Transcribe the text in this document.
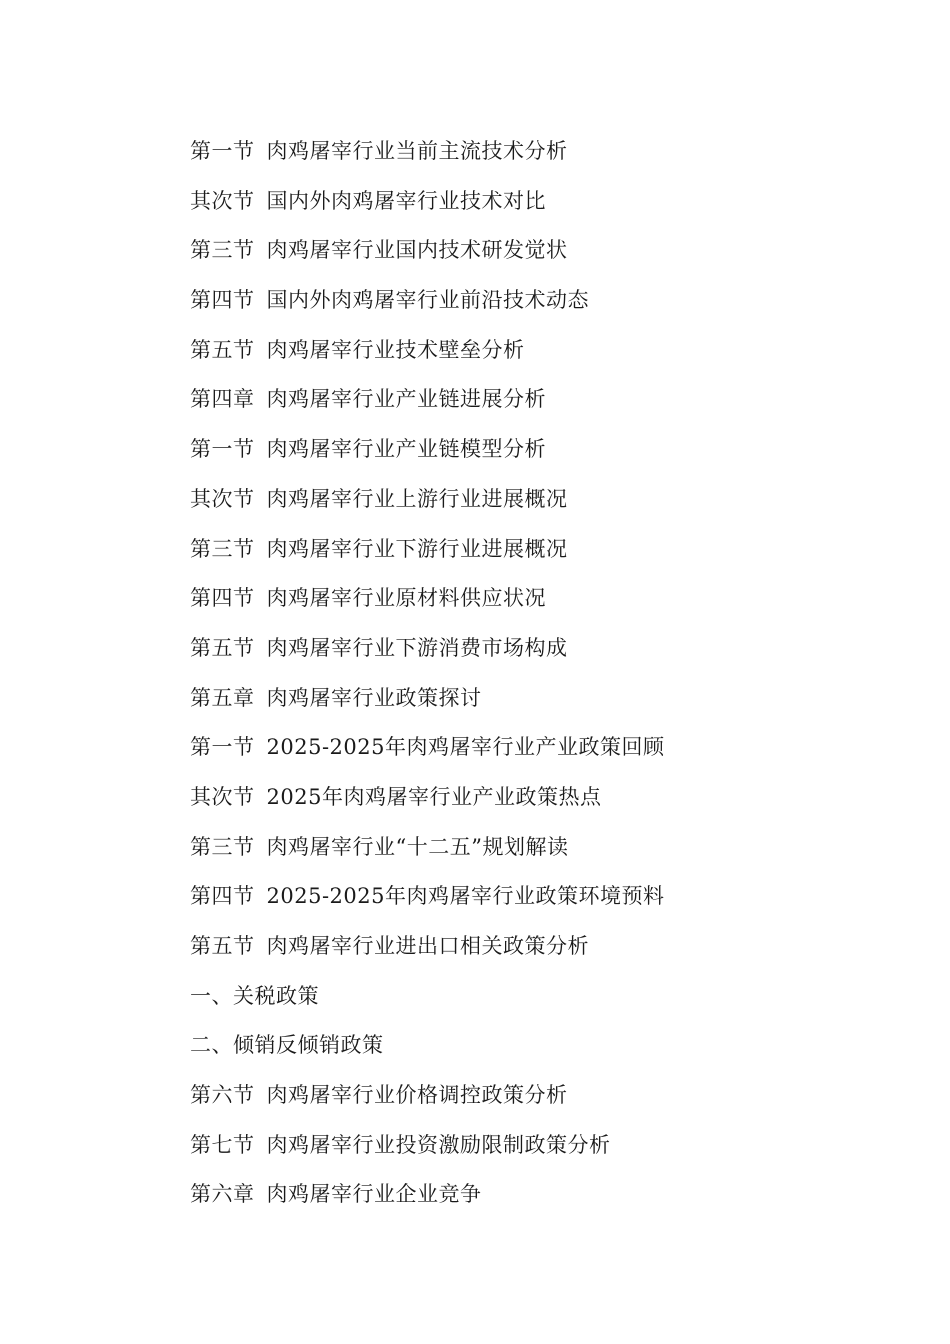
第一节 肉鸡屠宰行业当前主流技术分析
其次节 国内外肉鸡屠宰行业技术对比
第三节 肉鸡屠宰行业国内技术研发觉状
第四节 国内外肉鸡屠宰行业前沿技术动态
第五节 肉鸡屠宰行业技术壁垒分析
第四章 肉鸡屠宰行业产业链进展分析
第一节 肉鸡屠宰行业产业链模型分析
其次节 肉鸡屠宰行业上游行业进展概况
第三节 肉鸡屠宰行业下游行业进展概况
第四节 肉鸡屠宰行业原材料供应状况
第五节 肉鸡屠宰行业下游消费市场构成
第五章 肉鸡屠宰行业政策探讨
第一节 2025-2025年肉鸡屠宰行业产业政策回顾
其次节 2025年肉鸡屠宰行业产业政策热点
第三节 肉鸡屠宰行业“十二五”规划解读
第四节 2025-2025年肉鸡屠宰行业政策环境预料
第五节 肉鸡屠宰行业进出口相关政策分析
一、关税政策
二、倾销反倾销政策
第六节 肉鸡屠宰行业价格调控政策分析
第七节 肉鸡屠宰行业投资激励限制政策分析
第六章 肉鸡屠宰行业企业竞争
